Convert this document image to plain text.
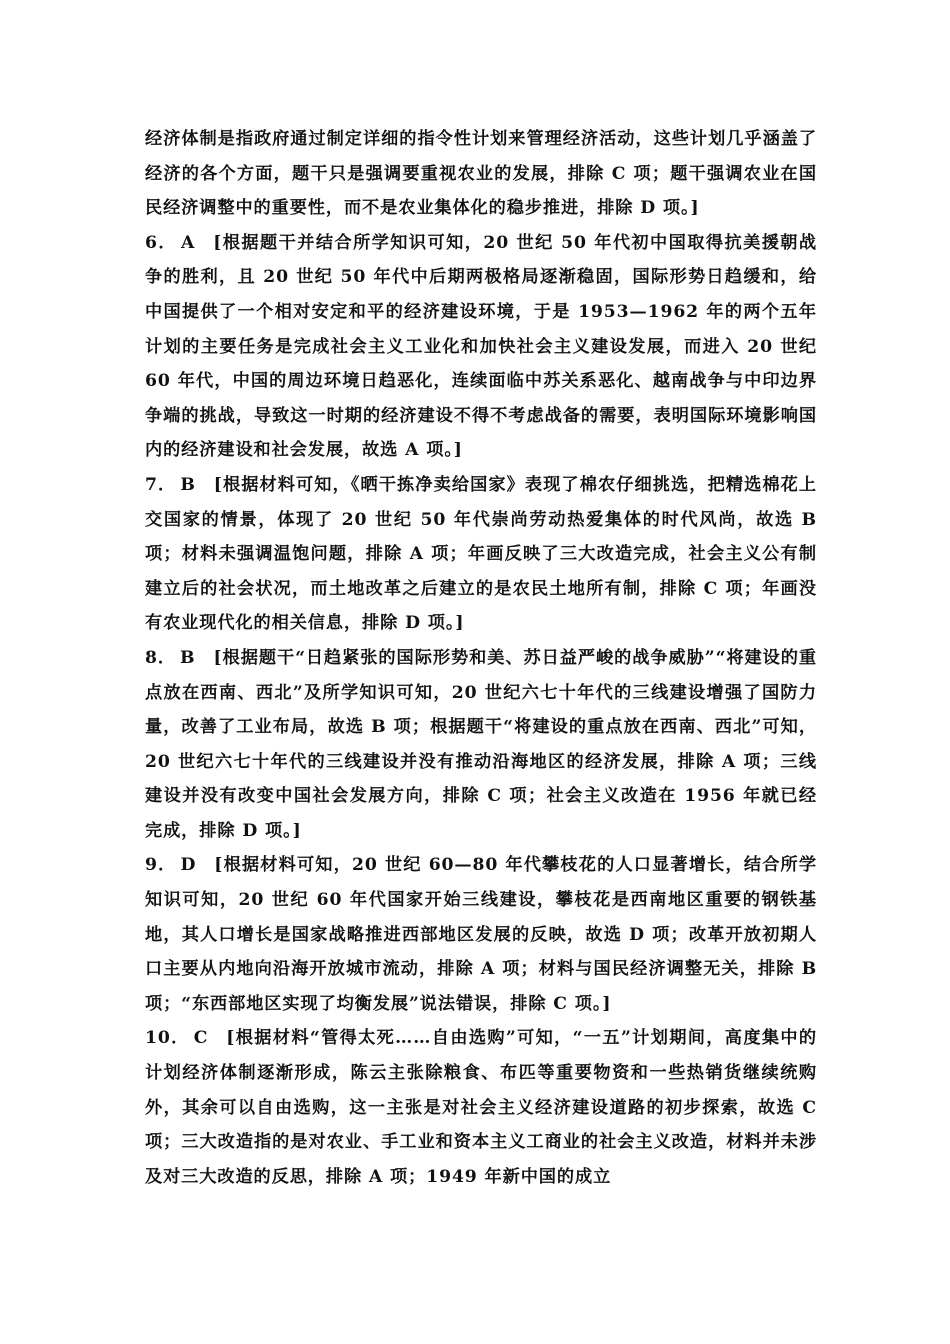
经济体制是指政府通过制定详细的指令性计划来管理经济活动，这些计划几乎涵盖了经济的各个方面，题干只是强调要重视农业的发展，排除 C 项；题干强调农业在国民经济调整中的重要性，而不是农业集体化的稳步推进，排除 D 项。]

6． A [根据题干并结合所学知识可知，20 世纪 50 年代初中国取得抗美援朝战争的胜利，且 20 世纪 50 年代中后期两极格局逐渐稳固，国际形势日趋缓和，给中国提供了一个相对安定和平的经济建设环境，于是 1953—1962 年的两个五年计划的主要任务是完成社会主义工业化和加快社会主义建设发展，而进入 20 世纪 60 年代，中国的周边环境日趋恶化，连续面临中苏关系恶化、越南战争与中印边界争端的挑战，导致这一时期的经济建设不得不考虑战备的需要，表明国际环境影响国内的经济建设和社会发展，故选 A 项。]

7． B [根据材料可知，《晒干拣净卖给国家》表现了棉农仔细挑选，把精选棉花上交国家的情景，体现了 20 世纪 50 年代崇尚劳动热爱集体的时代风尚，故选 B 项；材料未强调温饱问题，排除 A 项；年画反映了三大改造完成，社会主义公有制建立后的社会状况，而土地改革之后建立的是农民土地所有制，排除 C 项；年画没有农业现代化的相关信息，排除 D 项。]

8． B [根据题干“日趋紧张的国际形势和美、苏日益严峻的战争威胁”“将建设的重点放在西南、西北”及所学知识可知，20 世纪六七十年代的三线建设增强了国防力量，改善了工业布局，故选 B 项；根据题干“将建设的重点放在西南、西北”可知，20 世纪六七十年代的三线建设并没有推动沿海地区的经济发展，排除 A 项；三线建设并没有改变中国社会发展方向，排除 C 项；社会主义改造在 1956 年就已经完成，排除 D 项。]

9． D [根据材料可知，20 世纪 60—80 年代攀枝花的人口显著增长，结合所学知识可知，20 世纪 60 年代国家开始三线建设，攀枝花是西南地区重要的钢铁基地，其人口增长是国家战略推进西部地区发展的反映，故选 D 项；改革开放初期人口主要从内地向沿海开放城市流动，排除 A 项；材料与国民经济调整无关，排除 B 项；“东西部地区实现了均衡发展”说法错误，排除 C 项。]

10． C [根据材料“管得太死……自由选购”可知，“一五”计划期间，高度集中的计划经济体制逐渐形成，陈云主张除粮食、布匹等重要物资和一些热销货继续统购外，其余可以自由选购，这一主张是对社会主义经济建设道路的初步探索，故选 C 项；三大改造指的是对农业、手工业和资本主义工商业的社会主义改造，材料并未涉及对三大改造的反思，排除 A 项；1949 年新中国的成立
